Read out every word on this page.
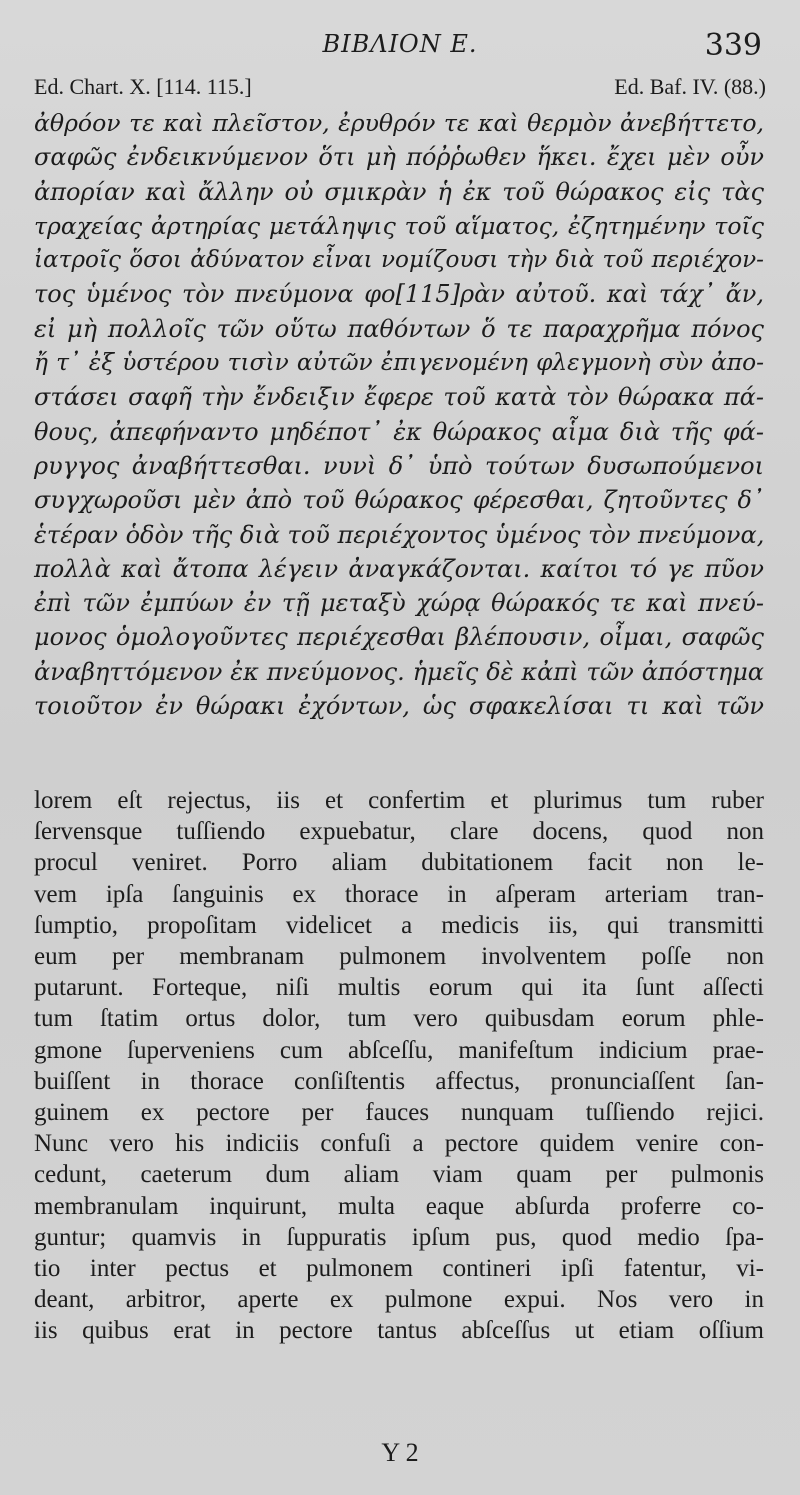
BIBΛION E.	339
Ed. Chart. X. [114. 115.]	Ed. Baf. IV. (88.)
ἀθρόον τε καὶ πλεῖστον, ἐρυθρόν τε καὶ θερμὸν ἀνεβήττετο,
σαφῶς ἐνδεικνύμενον ὅτι μὴ πόῤῥωθεν ἥκει. ἔχει μὲν οὖν
ἀπορίαν καὶ ἄλλην οὐ σμικρὰν ἡ ἐκ τοῦ θώρακος εἰς τὰς
τραχείας ἀρτηρίας μετάληψις τοῦ αἵματος, ἐζητημένην τοῖς
ἰατροῖς ὅσοι ἀδύνατον εἶναι νομίζουσι τὴν διὰ τοῦ περιέχον-
τος ὑμένος τὸν πνεύμονα φο[115]ρὰν αὐτοῦ. καὶ τάχ᾽ ἄν,
εἰ μὴ πολλοῖς τῶν οὕτω παθόντων ὅ τε παραχρῆμα πόνος
ἤ τ᾽ ἐξ ὑστέρου τισὶν αὐτῶν ἐπιγενομένη φλεγμονὴ σὺν ἀπο-
στάσει σαφῆ τὴν ἔνδειξιν ἔφερε τοῦ κατὰ τὸν θώρακα πά-
θους, ἀπεφήναντο μηδέποτ᾽ ἐκ θώρακος αἷμα διὰ τῆς φά-
ρυγγος ἀναβήττεσθαι. νυνὶ δ᾽ ὑπὸ τούτων δυσωπούμενοι
συγχωροῦσι μὲν ἀπὸ τοῦ θώρακος φέρεσθαι, ζητοῦντες δ᾽
ἑτέραν ὁδὸν τῆς διὰ τοῦ περιέχοντος ὑμένος τὸν πνεύμονα,
πολλὰ καὶ ἄτοπα λέγειν ἀναγκάζονται. καίτοι τό γε πῦον
ἐπὶ τῶν ἐμπύων ἐν τῇ μεταξὺ χώρᾳ θώρακός τε καὶ πνεύ-
μονος ὁμολογοῦντες περιέχεσθαι βλέπουσιν, οἶμαι, σαφῶς
ἀναβηττόμενον ἐκ πνεύμονος. ἡμεῖς δὲ κἀπὶ τῶν ἀπόστημα
τοιοῦτον ἐν θώρακι ἐχόντων, ὡς σφακελίσαι τι καὶ τῶν
lorem eſt rejectus, iis et confertim et plurimus tum ruber
ſervensque tuſſiendo expuebatur, clare docens, quod non
procul veniret. Porro aliam dubitationem facit non le-
vem ipſa ſanguinis ex thorace in aſperam arteriam tran-
ſumptio, propoſitam videlicet a medicis iis, qui transmitti
eum per membranam pulmonem involventem poſſe non
putarunt. Forteque, niſi multis eorum qui ita ſunt aſſecti
tum ſtatim ortus dolor, tum vero quibusdam eorum phle-
gmone ſuperveniens cum abſceſſu, manifeſtum indicium prae-
buiſſent in thorace conſiſtentis affectus, pronunciaſſent ſan-
guinem ex pectore per fauces nunquam tuſſiendo rejici.
Nunc vero his indiciis confuſi a pectore quidem venire con-
cedunt, caeterum dum aliam viam quam per pulmonis
membranulam inquirunt, multa eaque abſurda proferre co-
guntur; quamvis in ſuppuratis ipſum pus, quod medio ſpa-
tio inter pectus et pulmonem contineri ipſi fatentur, vi-
deant, arbitror, aperte ex pulmone expui. Nos vero in
iis quibus erat in pectore tantus abſceſſus ut etiam oſſium
Y 2
